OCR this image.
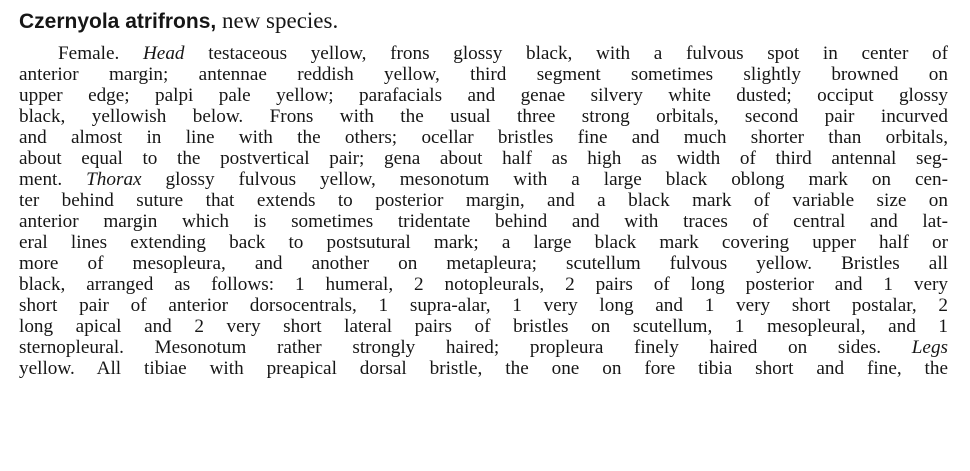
Czernyola atrifrons, new species.
Female. Head testaceous yellow, frons glossy black, with a fulvous spot in center of
anterior margin; antennae reddish yellow, third segment sometimes slightly browned on
upper edge; palpi pale yellow; parafacials and genae silvery white dusted; occiput glossy
black, yellowish below. Frons with the usual three strong orbitals, second pair incurved
and almost in line with the others; ocellar bristles fine and much shorter than orbitals,
about equal to the postvertical pair; gena about half as high as width of third antennal seg-
ment. Thorax glossy fulvous yellow, mesonotum with a large black oblong mark on cen-
ter behind suture that extends to posterior margin, and a black mark of variable size on
anterior margin which is sometimes tridentate behind and with traces of central and lat-
eral lines extending back to postsutural mark; a large black mark covering upper half or
more of mesopleura, and another on metapleura; scutellum fulvous yellow. Bristles all
black, arranged as follows: 1 humeral, 2 notopleurals, 2 pairs of long posterior and 1 very
short pair of anterior dorsocentrals, 1 supra-alar, 1 very long and 1 very short postalar, 2
long apical and 2 very short lateral pairs of bristles on scutellum, 1 mesopleural, and 1
sternopleural. Mesonotum rather strongly haired; propleura finely haired on sides. Legs
yellow. All tibiae with preapical dorsal bristle, the one on fore tibia short and fine, the
